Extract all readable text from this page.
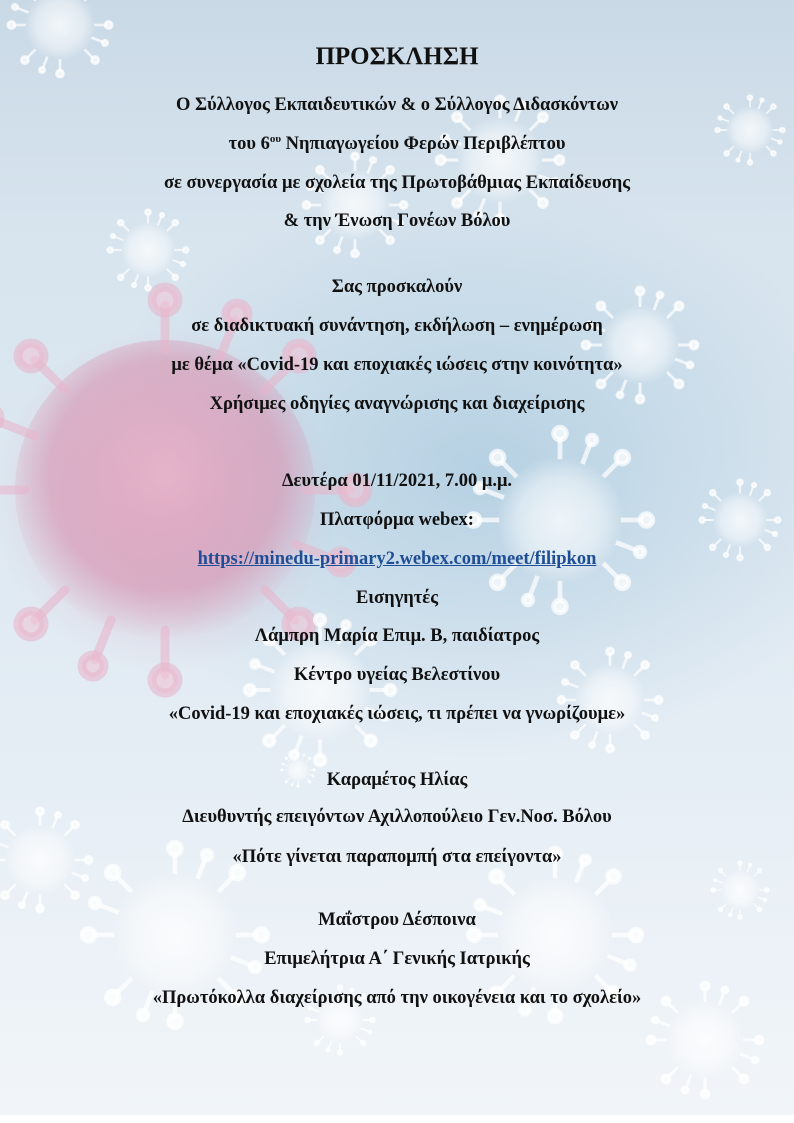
ΠΡΟΣΚΛΗΣΗ
Ο Σύλλογος Εκπαιδευτικών & ο Σύλλογος Διδασκόντων
του $6^{o\upsilon}$ Νηπιαγωγείου Φερών Περιβλέπτου
σε συνεργασία με σχολεία της Πρωτοβάθμιας Εκπαίδευσης
& την Ένωση Γονέων Βόλου
Σας προσκαλούν
σε διαδικτυακή συνάντηση, εκδήλωση – ενημέρωση
με θέμα «Covid-19 και εποχιακές ιώσεις στην κοινότητα»
Χρήσιμες οδηγίες αναγνώρισης και διαχείρισης
Δευτέρα 01/11/2021, 7.00 μ.μ.
Πλατφόρμα webex:
https://minedu-primary2.webex.com/meet/filipkon
Εισηγητές
Λάμπρη Μαρία Επιμ. Β, παιδίατρος
Κέντρο υγείας Βελεστίνου
«Covid-19 και εποχιακές ιώσεις, τι πρέπει να γνωρίζουμε»
Καραμέτος Ηλίας
Διευθυντής επειγόντων Αχιλλοπούλειο Γεν.Νοσ. Βόλου
«Πότε γίνεται παραπομπή στα επείγοντα»
Μαΐστρου Δέσποινα
Επιμελήτρια Α΄ Γενικής Ιατρικής
«Πρωτόκολλα διαχείρισης από την οικογένεια και το σχολείο»
